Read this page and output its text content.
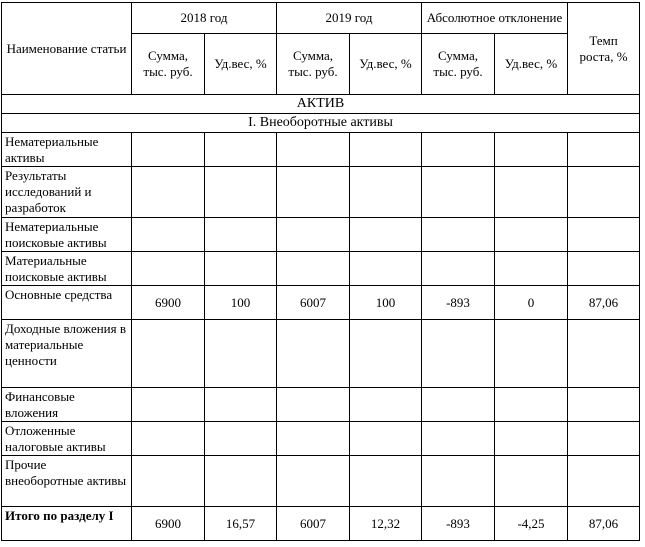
Наименование статьи	2018 год		2019 год		Абсолютное отклонение		Темп роста, %
	Сумма, тыс. руб.	Уд.вес, %	Сумма, тыс. руб.	Уд.вес, %	Сумма, тыс. руб.	Уд.вес, %	
АКТИВ							
I. Внеоборотные активы							
Нематериальные активы							
Результаты исследований и разработок							
Нематериальные поисковые активы							
Материальные поисковые активы							
Основные средства	6900	100	6007	100	-893	0	87,06
Доходные вложения в материальные ценности							
Финансовые вложения							
Отложенные налоговые активы							
Прочие внеоборотные активы							
Итого по разделу I	6900	16,57	6007	12,32	-893	-4,25	87,06
